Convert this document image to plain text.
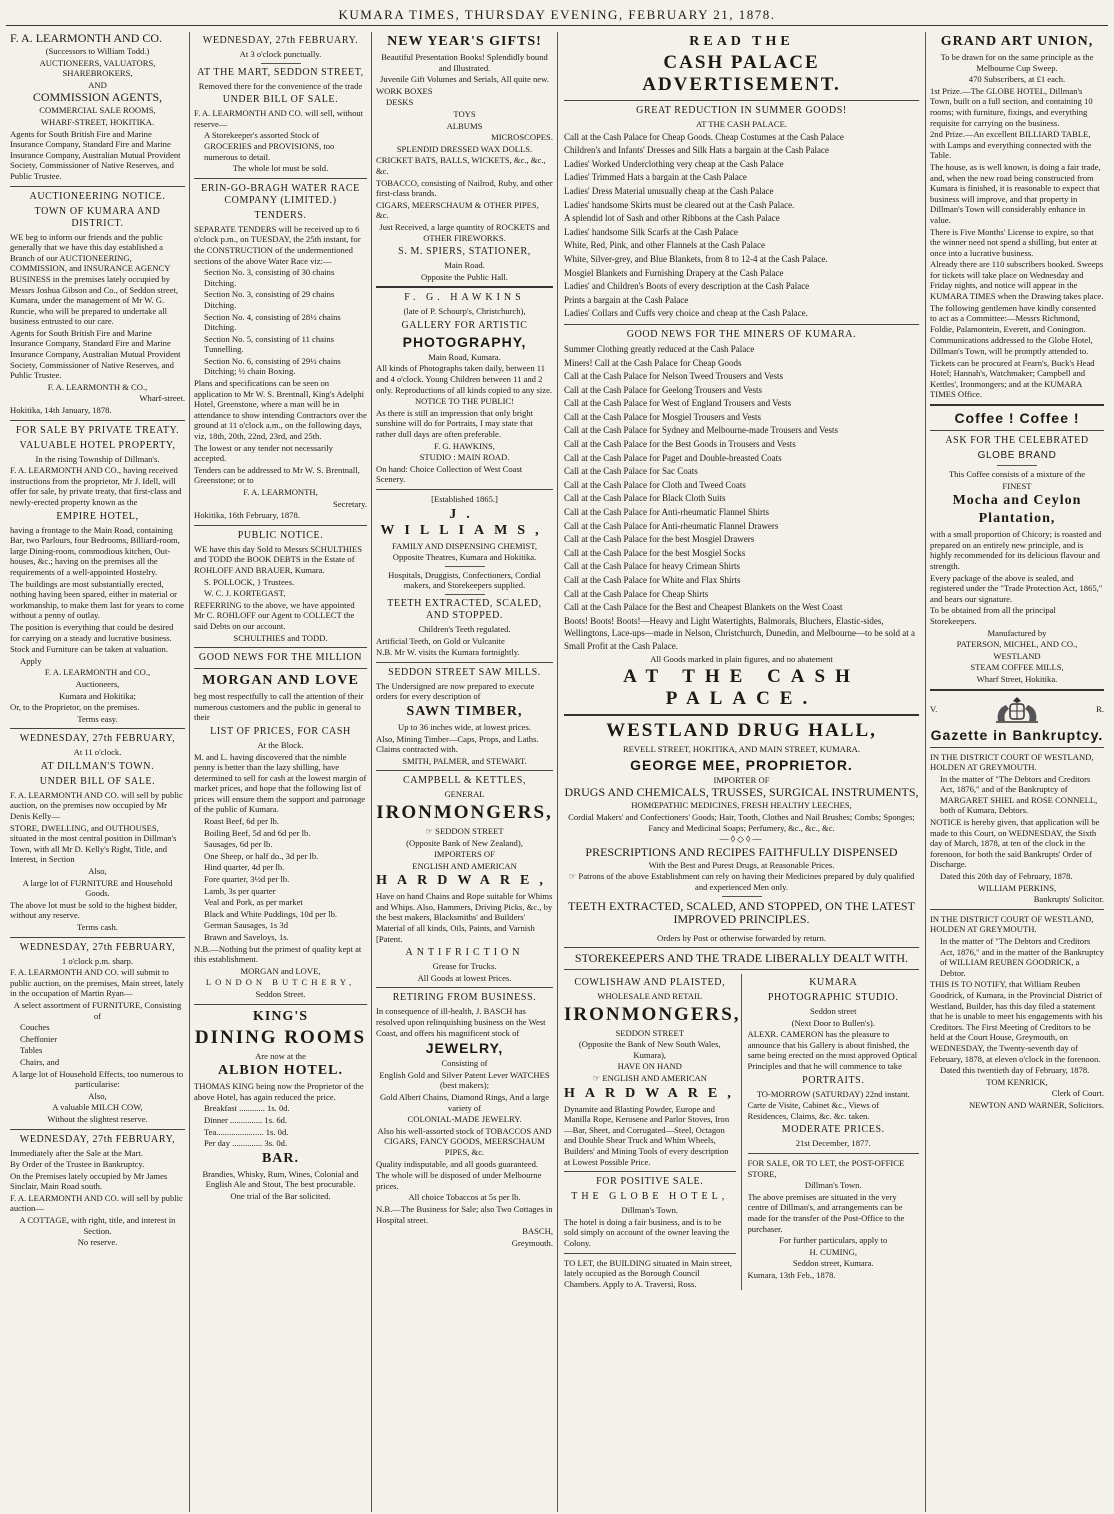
KUMARA TIMES, THURSDAY EVENING, FEBRUARY 21, 1878.

F. A. LEARMONTH AND CO.

(Successors to William Todd.)

AUCTIONEERS, VALUATORS, SHAREBROKERS,

AND

COMMISSION AGENTS,

COMMERCIAL SALE ROOMS,

WHARF-STREET, HOKITIKA.

Agents for South British Fire and Marine Insurance Company, Standard Fire and Marine Insurance Company, Australian Mutual Provident Society, Commissioner of Native Reserves, and Public Trustee.

AUCTIONEERING NOTICE.

TOWN OF KUMARA AND DISTRICT.

WE beg to inform our friends and the public generally that we have this day established a Branch of our AUCTIONEERING, COMMISSION, and INSURANCE AGENCY BUSINESS in the premises lately occupied by Messrs Joshua Gibson and Co., of Seddon street, Kumara, under the management of Mr W. G. Runcie, who will be prepared to undertake all business entrusted to our care.

Agents for South British Fire and Marine Insurance Company, Standard Fire and Marine Insurance Company, Australian Mutual Provident Society, Commissioner of Native Reserves, and Public Trustee.

F. A. LEARMONTH & CO.,

Wharf-street.

Hokitika, 14th January, 1878.

FOR SALE BY PRIVATE TREATY.

VALUABLE HOTEL PROPERTY,

In the rising Township of Dillman's.

F. A. LEARMONTH AND CO., having received instructions from the proprietor, Mr J. Idell, will offer for sale, by private treaty, that first-class and newly-erected property known as the

EMPIRE HOTEL,

having a frontage to the Main Road, containing Bar, two Parlours, four Bedrooms, Billiard-room, large Dining-room, commodious kitchen, Out-houses, &c.; having on the premises all the requirements of a well-appointed Hostelry.

The buildings are most substantially erected, nothing having been spared, either in material or workmanship, to make them last for years to come without a penny of outlay.

The position is everything that could be desired for carrying on a steady and lucrative business.

Stock and Furniture can be taken at valuation.

Apply

F. A. LEARMONTH and CO.,

Auctioneers,

Kumara and Hokitika;

Or, to the Proprietor, on the premises.

Terms easy.

WEDNESDAY, 27th FEBRUARY,

At 11 o'clock.

AT DILLMAN'S TOWN.

UNDER BILL OF SALE.

F. A. LEARMONTH AND CO. will sell by public auction, on the premises now occupied by Mr Denis Kelly—

STORE, DWELLING, and OUTHOUSES, situated in the most central position in Dillman's Town, with all Mr D. Kelly's Right, Title, and Interest, in Section

Also,

A large lot of FURNITURE and Household Goods.

The above lot must be sold to the highest bidder, without any reserve.

Terms cash.

WEDNESDAY, 27th FEBRUARY,

1 o'clock p.m. sharp.

F. A. LEARMONTH AND CO. will submit to public auction, on the premises, Main street, lately in the occupation of Martin Ryan—

A select assortment of FURNITURE, Consisting of

Couches

Cheffonier

Tables

Chairs, and

A large lot of Household Effects, too numerous to particularise:

Also,

A valuable MILCH COW,

Without the slightest reserve.

WEDNESDAY, 27th FEBRUARY,

Immediately after the Sale at the Mart.

By Order of the Trustee in Bankruptcy.

On the Premises lately occupied by Mr James Sinclair, Main Road south.

F. A. LEARMONTH AND CO. will sell by public auction—

A COTTAGE, with right, title, and interest in Section.

No reserve.

WEDNESDAY, 27th FEBRUARY.

At 3 o'clock punctually.

AT THE MART, SEDDON STREET,

Removed there for the convenience of the trade

UNDER BILL OF SALE.

F. A. LEARMONTH AND CO. will sell, without reserve—

A Storekeeper's assorted Stock of GROCERIES and PROVISIONS, too numerous to detail.

The whole lot must be sold.

ERIN-GO-BRAGH WATER RACE COMPANY (LIMITED.)

TENDERS.

SEPARATE TENDERS will be received up to 6 o'clock p.m., on TUESDAY, the 25th instant, for the CONSTRUCTION of the undermentioned sections of the above Water Race viz:—

Section No. 3, consisting of 30 chains Ditching.

Section No. 3, consisting of 29 chains Ditching.

Section No. 4, consisting of 28½ chains Ditching.

Section No. 5, consisting of 11 chains Tunnelling.

Section No. 6, consisting of 29½ chains Ditching; ½ chain Boxing.

Plans and specifications can be seen on application to Mr W. S. Brentnall, King's Adelphi Hotel, Greenstone, where a man will be in attendance to show intending Contractors over the ground at 11 o'clock a.m., on the following days, viz, 18th, 20th, 22nd, 23rd, and 25th.

The lowest or any tender not necessarily accepted.

Tenders can be addressed to Mr W. S. Brentnall, Greenstone; or to

F. A. LEARMONTH,

Secretary.

Hokitika, 16th February, 1878.

PUBLIC NOTICE.

WE have this day Sold to Messrs SCHULTHIES and TODD the BOOK DEBTS in the Estate of ROHLOFF AND BRAUER, Kumara.

S. POLLOCK, } Trustees.

W. C. J. KORTEGAST,

REFERRING to the above, we have appointed Mr C. ROHLOFF our Agent to COLLECT the said Debts on our account.

SCHULTHIES and TODD.

GOOD NEWS FOR THE MILLION

MORGAN AND LOVE

beg most respectfully to call the attention of their numerous customers and the public in general to their

LIST OF PRICES, FOR CASH

At the Block.

M. and L. having discovered that the nimble penny is better than the lazy shilling, have determined to sell for cash at the lowest margin of market prices, and hope that the following list of prices will ensure them the support and patronage of the public of Kumara.

Roast Beef, 6d per lb.
Boiling Beef, 5d and 6d per lb.
Sausages, 6d per lb.
One Sheep, or half do., 3d per lb.
Hind quarter, 4d per lb.
Fore quarter, 3½d per lb.
Lamb, 3s per quarter
Veal and Pork, as per market
Black and White Puddings, 10d per lb.
German Sausages, 1s 3d
Brawn and Saveloys, 1s.

N.B.—Nothing but the primest of quality kept at this establishment.

MORGAN and LOVE,

LONDON BUTCHERY,

Seddon Street.

KING'S

DINING ROOMS

Are now at the

ALBION HOTEL.

THOMAS KING being now the Proprietor of the above Hotel, has again reduced the price.

Breakfast ............ 1s. 0d.

Dinner ............... 1s. 6d.

Tea...................... 1s. 0d.

Per day .............. 3s. 0d.

BAR.

Brandies, Whisky, Rum, Wines, Colonial and English Ale and Stout, The best procurable.

One trial of the Bar solicited.

NEW YEAR'S GIFTS!

Beautiful Presentation Books! Splendidly bound and Illustrated.

Juvenile Gift Volumes and Serials, All quite new.

WORK BOXES

DESKS

TOYS

ALBUMS

MICROSCOPES.

SPLENDID DRESSED WAX DOLLS.

CRICKET BATS, BALLS, WICKETS, &c., &c., &c.

TOBACCO, consisting of Nailrod, Ruby, and other first-class brands.

CIGARS, MEERSCHAUM & OTHER PIPES, &c.

Just Received, a large quantity of ROCKETS and OTHER FIREWORKS.

S. M. SPIERS, STATIONER,

Main Road.

Opposite the Public Hall.

F. G. HAWKINS

(late of P. Schourp's, Christchurch),

GALLERY FOR ARTISTIC

PHOTOGRAPHY,

Main Road, Kumara.

All kinds of Photographs taken daily, between 11 and 4 o'clock. Young Children between 11 and 2 only. Reproductions of all kinds copied to any size.

NOTICE TO THE PUBLIC!

As there is still an impression that only bright sunshine will do for Portraits, I may state that rather dull days are often preferable.

F. G. HAWKINS,

STUDIO : MAIN ROAD.

On hand: Choice Collection of West Coast Scenery.

[Established 1865.]

J. WILLIAMS,

FAMILY AND DISPENSING CHEMIST,

Opposite Theatres, Kumara and Hokitika.

Hospitals, Druggists, Confectioners, Cordial makers, and Storekeepers supplied.

TEETH EXTRACTED, SCALED, AND STOPPED.

Children's Teeth regulated.

Artificial Teeth, on Gold or Vulcanite

N.B. Mr W. visits the Kumara fortnightly.

SEDDON STREET SAW MILLS.

The Undersigned are now prepared to execute orders for every description of

SAWN TIMBER,

Up to 36 inches wide, at lowest prices.

Also, Mining Timber—Caps, Props, and Laths. Claims contracted with.

SMITH, PALMER, and STEWART.

CAMPBELL & KETTLES,

GENERAL

IRONMONGERS,

☞ SEDDON STREET

(Opposite Bank of New Zealand),

IMPORTERS OF

ENGLISH AND AMERICAN

HARDWARE,

Have on hand Chains and Rope suitable for Whims and Whips. Also, Hammers, Driving Picks, &c., by the best makers, Blacksmiths' and Builders' Material of all kinds, Oils, Paints, and Varnish [Patent.

ANTIFRICTION

Grease for Trucks.

All Goods at lowest Prices.

RETIRING FROM BUSINESS.

In consequence of ill-health, J. BASCH has resolved upon relinquishing business on the West Coast, and offers his magnificent stock of

JEWELRY,

Consisting of

English Gold and Silver Patent Lever WATCHES (best makers);

Gold Albert Chains, Diamond Rings, And a large variety of

COLONIAL-MADE JEWELRY.

Also his well-assorted stock of TOBACCOS AND CIGARS, FANCY GOODS, MEERSCHAUM PIPES, &c.

Quality indisputable, and all goods guaranteed.

The whole will be disposed of under Melbourne prices.

All choice Tobaccos at 5s per lb.

N.B.—The Business for Sale; also Two Cottages in Hospital street.

BASCH,

Greymouth.

READ THE

CASH PALACE ADVERTISEMENT.

GREAT REDUCTION IN SUMMER GOODS!

AT THE CASH PALACE.

Call at the Cash Palace for Cheap Goods. Cheap Costumes at the Cash Palace
Children's and Infants' Dresses and Silk Hats a bargain at the Cash Palace
Ladies' Worked Underclothing very cheap at the Cash Palace
Ladies' Trimmed Hats a bargain at the Cash Palace
Ladies' Dress Material unusually cheap at the Cash Palace
Ladies' handsome Skirts must be cleared out at the Cash Palace.
A splendid lot of Sash and other Ribbons at the Cash Palace
Ladies' handsome Silk Scarfs at the Cash Palace
White, Red, Pink, and other Flannels at the Cash Palace
White, Silver-grey, and Blue Blankets, from 8 to 12-4 at the Cash Palace.
Mosgiel Blankets and Furnishing Drapery at the Cash Palace
Ladies' and Children's Boots of every description at the Cash Palace
Prints a bargain at the Cash Palace
Ladies' Collars and Cuffs very choice and cheap at the Cash Palace.

GOOD NEWS FOR THE MINERS OF KUMARA.

Summer Clothing greatly reduced at the Cash Palace
Miners! Call at the Cash Palace for Cheap Goods
Call at the Cash Palace for Nelson Tweed Trousers and Vests
Call at the Cash Palace for Geelong Trousers and Vests
Call at the Cash Palace for West of England Trousers and Vests
Call at the Cash Palace for Mosgiel Trousers and Vests
Call at the Cash Palace for Sydney and Melbourne-made Trousers and Vests
Call at the Cash Palace for the Best Goods in Trousers and Vests
Call at the Cash Palace for Paget and Double-breasted Coats
Call at the Cash Palace for Sac Coats
Call at the Cash Palace for Cloth and Tweed Coats
Call at the Cash Palace for Black Cloth Suits
Call at the Cash Palace for Anti-rheumatic Flannel Shirts
Call at the Cash Palace for Anti-rheumatic Flannel Drawers
Call at the Cash Palace for the best Mosgiel Drawers
Call at the Cash Palace for the best Mosgiel Socks
Call at the Cash Palace for heavy Crimean Shirts
Call at the Cash Palace for White and Flax Shirts
Call at the Cash Palace for Cheap Shirts
Call at the Cash Palace for the Best and Cheapest Blankets on the West Coast
Boots! Boots! Boots!—Heavy and Light Watertights, Balmorals, Bluchers, Elastic-sides, Wellingtons, Lace-ups—made in Nelson, Christchurch, Dunedin, and Melbourne—to be sold at a Small Profit at the Cash Palace.

All Goods marked in plain figures, and no abatement

AT THE CASH PALACE.

WESTLAND DRUG HALL,

REVELL STREET, HOKITIKA, AND MAIN STREET, KUMARA.

GEORGE MEE, PROPRIETOR.

IMPORTER OF

DRUGS AND CHEMICALS, TRUSSES, SURGICAL INSTRUMENTS,

HOMŒPATHIC MEDICINES, FRESH HEALTHY LEECHES,

Cordial Makers' and Confectioners' Goods; Hair, Tooth, Clothes and Nail Brushes; Combs; Sponges; Fancy and Medicinal Soaps; Perfumery, &c., &c., &c.

—◊◇◊—

PRESCRIPTIONS AND RECIPES FAITHFULLY DISPENSED

With the Best and Purest Drugs, at Reasonable Prices.

☞ Patrons of the above Establishment can rely on having their Medicines prepared by duly qualified and experienced Men only.

TEETH EXTRACTED, SCALED, AND STOPPED, ON THE LATEST IMPROVED PRINCIPLES.

Orders by Post or otherwise forwarded by return.

STOREKEEPERS AND THE TRADE LIBERALLY DEALT WITH.

COWLISHAW AND PLAISTED,

WHOLESALE AND RETAIL

IRONMONGERS,

SEDDON STREET

(Opposite the Bank of New South Wales, Kumara),

HAVE ON HAND

☞ ENGLISH AND AMERICAN

HARDWARE,

Dynamite and Blasting Powder, Europe and Manilla Rope, Kerosene and Parlor Stoves, Iron—Bar, Sheet, and Corrugated—Steel, Octagon and Double Shear Truck and Whim Wheels, Builders' and Mining Tools of every description at Lowest Possible Price.

FOR POSITIVE SALE.

THE GLOBE HOTEL,

Dillman's Town.

The hotel is doing a fair business, and is to be sold simply on account of the owner leaving the Colony.

TO LET, the BUILDING situated in Main street, lately occupied as the Borough Council Chambers. Apply to A. Traversi, Ross.

KUMARA

PHOTOGRAPHIC STUDIO.

Seddon street

(Next Door to Bullen's).

ALEXR. CAMERON has the pleasure to announce that his Gallery is about finished, the same being erected on the most approved Optical Principles and that he will commence to take

PORTRAITS.

TO-MORROW (SATURDAY) 22nd instant.

Carte de Visite, Cabinet &c., Views of Residences, Claims, &c. &c. taken.

MODERATE PRICES.

21st December, 1877.

FOR SALE, OR TO LET, the POST-OFFICE STORE,

Dillman's Town.

The above premises are situated in the very centre of Dillman's, and arrangements can be made for the transfer of the Post-Office to the purchaser.

For further particulars, apply to

H. CUMING,

Seddon street, Kumara.

Kumara, 13th Feb., 1878.

GRAND ART UNION,

To be drawn for on the same principle as the Melbourne Cup Sweep.

470 Subscribers, at £1 each.

1st Prize.—The GLOBE HOTEL, Dillman's Town, built on a full section, and containing 10 rooms; with furniture, fixings, and everything requisite for carrying on the business.

2nd Prize.—An excellent BILLIARD TABLE, with Lamps and everything connected with the Table.

The house, as is well known, is doing a fair trade, and, when the new road being constructed from Kumara is finished, it is reasonable to expect that business will improve, and that property in Dillman's Town will considerably enhance in value.

There is Five Months' License to expire, so that the winner need not spend a shilling, but enter at once into a lucrative business.

Already there are 110 subscribers booked. Sweeps for tickets will take place on Wednesday and Friday nights, and notice will appear in the KUMARA TIMES when the Drawing takes place.

The following gentlemen have kindly consented to act as a Committee:—Messrs Richmond, Foldie, Palamontein, Everett, and Conington.

Communications addressed to the Globe Hotel, Dillman's Town, will be promptly attended to.

Tickets can be procured at Fearn's, Buck's Head Hotel; Hannah's, Watchmaker; Campbell and Kettles', Ironmongers; and at the KUMARA TIMES Office.

Coffee ! Coffee !

ASK FOR THE CELEBRATED

GLOBE BRAND

This Coffee consists of a mixture of the

FINEST

Mocha and Ceylon

Plantation,

with a small proportion of Chicory; is roasted and prepared on an entirely new principle, and is highly recommended for its delicious flavour and strength.

Every package of the above is sealed, and registered under the "Trade Protection Act, 1865," and bears our signature.

To be obtained from all the principal Storekeepers.

Manufactured by

PATERSON, MICHEL, AND CO.,

WESTLAND

STEAM COFFEE MILLS,

Wharf Street, Hokitika.

V.	R.

Gazette in Bankruptcy.

IN THE DISTRICT COURT OF WESTLAND, HOLDEN AT GREYMOUTH.

In the matter of "The Debtors and Creditors Act, 1876," and of the Bankruptcy of MARGARET SHIEL and ROSE CONNELL, both of Kumara, Debtors.

NOTICE is hereby given, that application will be made to this Court, on WEDNESDAY, the Sixth day of March, 1878, at ten of the clock in the forenoon, for both the said Bankrupts' Order of Discharge.

Dated this 20th day of February, 1878.

WILLIAM PERKINS,

Bankrupts' Solicitor.

IN THE DISTRICT COURT OF WESTLAND, HOLDEN AT GREYMOUTH.

In the matter of "The Debtors and Creditors Act, 1876," and in the matter of the Bankruptcy of WILLIAM REUBEN GOODRICK, a Debtor.

THIS IS TO NOTIFY, that William Reuben Goodrick, of Kumara, in the Provincial District of Westland, Builder, has this day filed a statement that he is unable to meet his engagements with his Creditors. The First Meeting of Creditors to be held at the Court House, Greymouth, on WEDNESDAY, the Twenty-seventh day of February, 1878, at eleven o'clock in the forenoon.

Dated this twentieth day of February, 1878.

TOM KENRICK,

Clerk of Court.

NEWTON AND WARNER, Solicitors.
